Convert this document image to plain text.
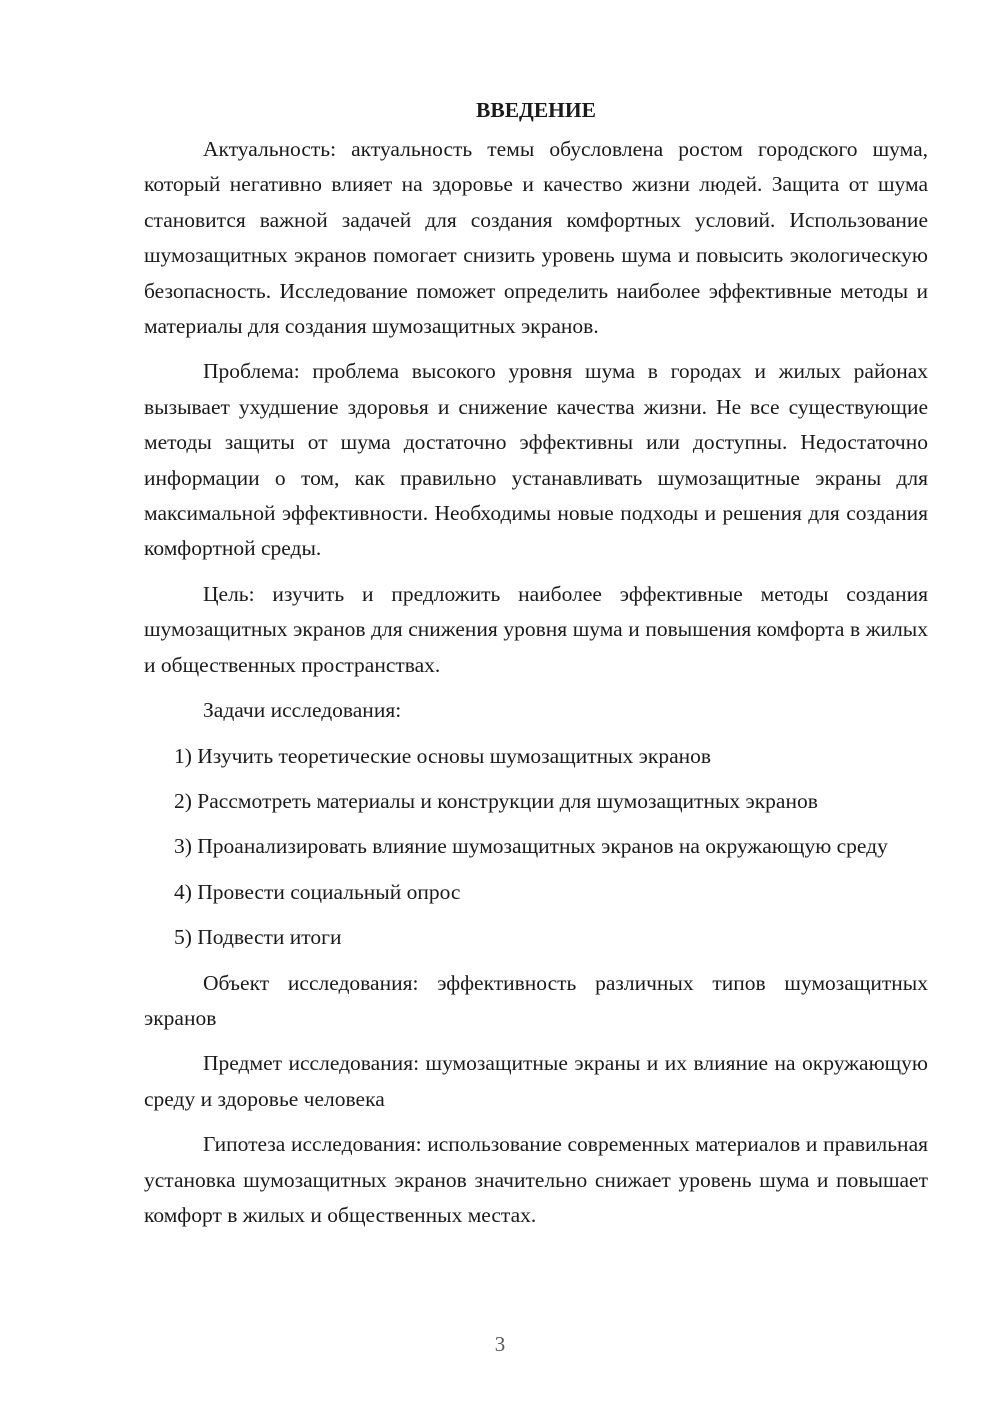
ВВЕДЕНИЕ

Актуальность: актуальность темы обусловлена ростом городского шума, который негативно влияет на здоровье и качество жизни людей. Защита от шума становится важной задачей для создания комфортных условий. Использование шумозащитных экранов помогает снизить уровень шума и повысить экологическую безопасность. Исследование поможет определить наиболее эффективные методы и материалы для создания шумозащитных экранов.

Проблема: проблема высокого уровня шума в городах и жилых районах вызывает ухудшение здоровья и снижение качества жизни. Не все существующие методы защиты от шума достаточно эффективны или доступны. Недостаточно информации о том, как правильно устанавливать шумозащитные экраны для максимальной эффективности. Необходимы новые подходы и решения для создания комфортной среды.

Цель: изучить и предложить наиболее эффективные методы создания шумозащитных экранов для снижения уровня шума и повышения комфорта в жилых и общественных пространствах.

Задачи исследования:

1) Изучить теоретические основы шумозащитных экранов

2) Рассмотреть материалы и конструкции для шумозащитных экранов

3) Проанализировать влияние шумозащитных экранов на окружающую среду

4) Провести социальный опрос

5) Подвести итоги

Объект исследования: эффективность различных типов шумозащитных экранов

Предмет исследования: шумозащитные экраны и их влияние на окружающую среду и здоровье человека

Гипотеза исследования: использование современных материалов и правильная установка шумозащитных экранов значительно снижает уровень шума и повышает комфорт в жилых и общественных местах.

3
